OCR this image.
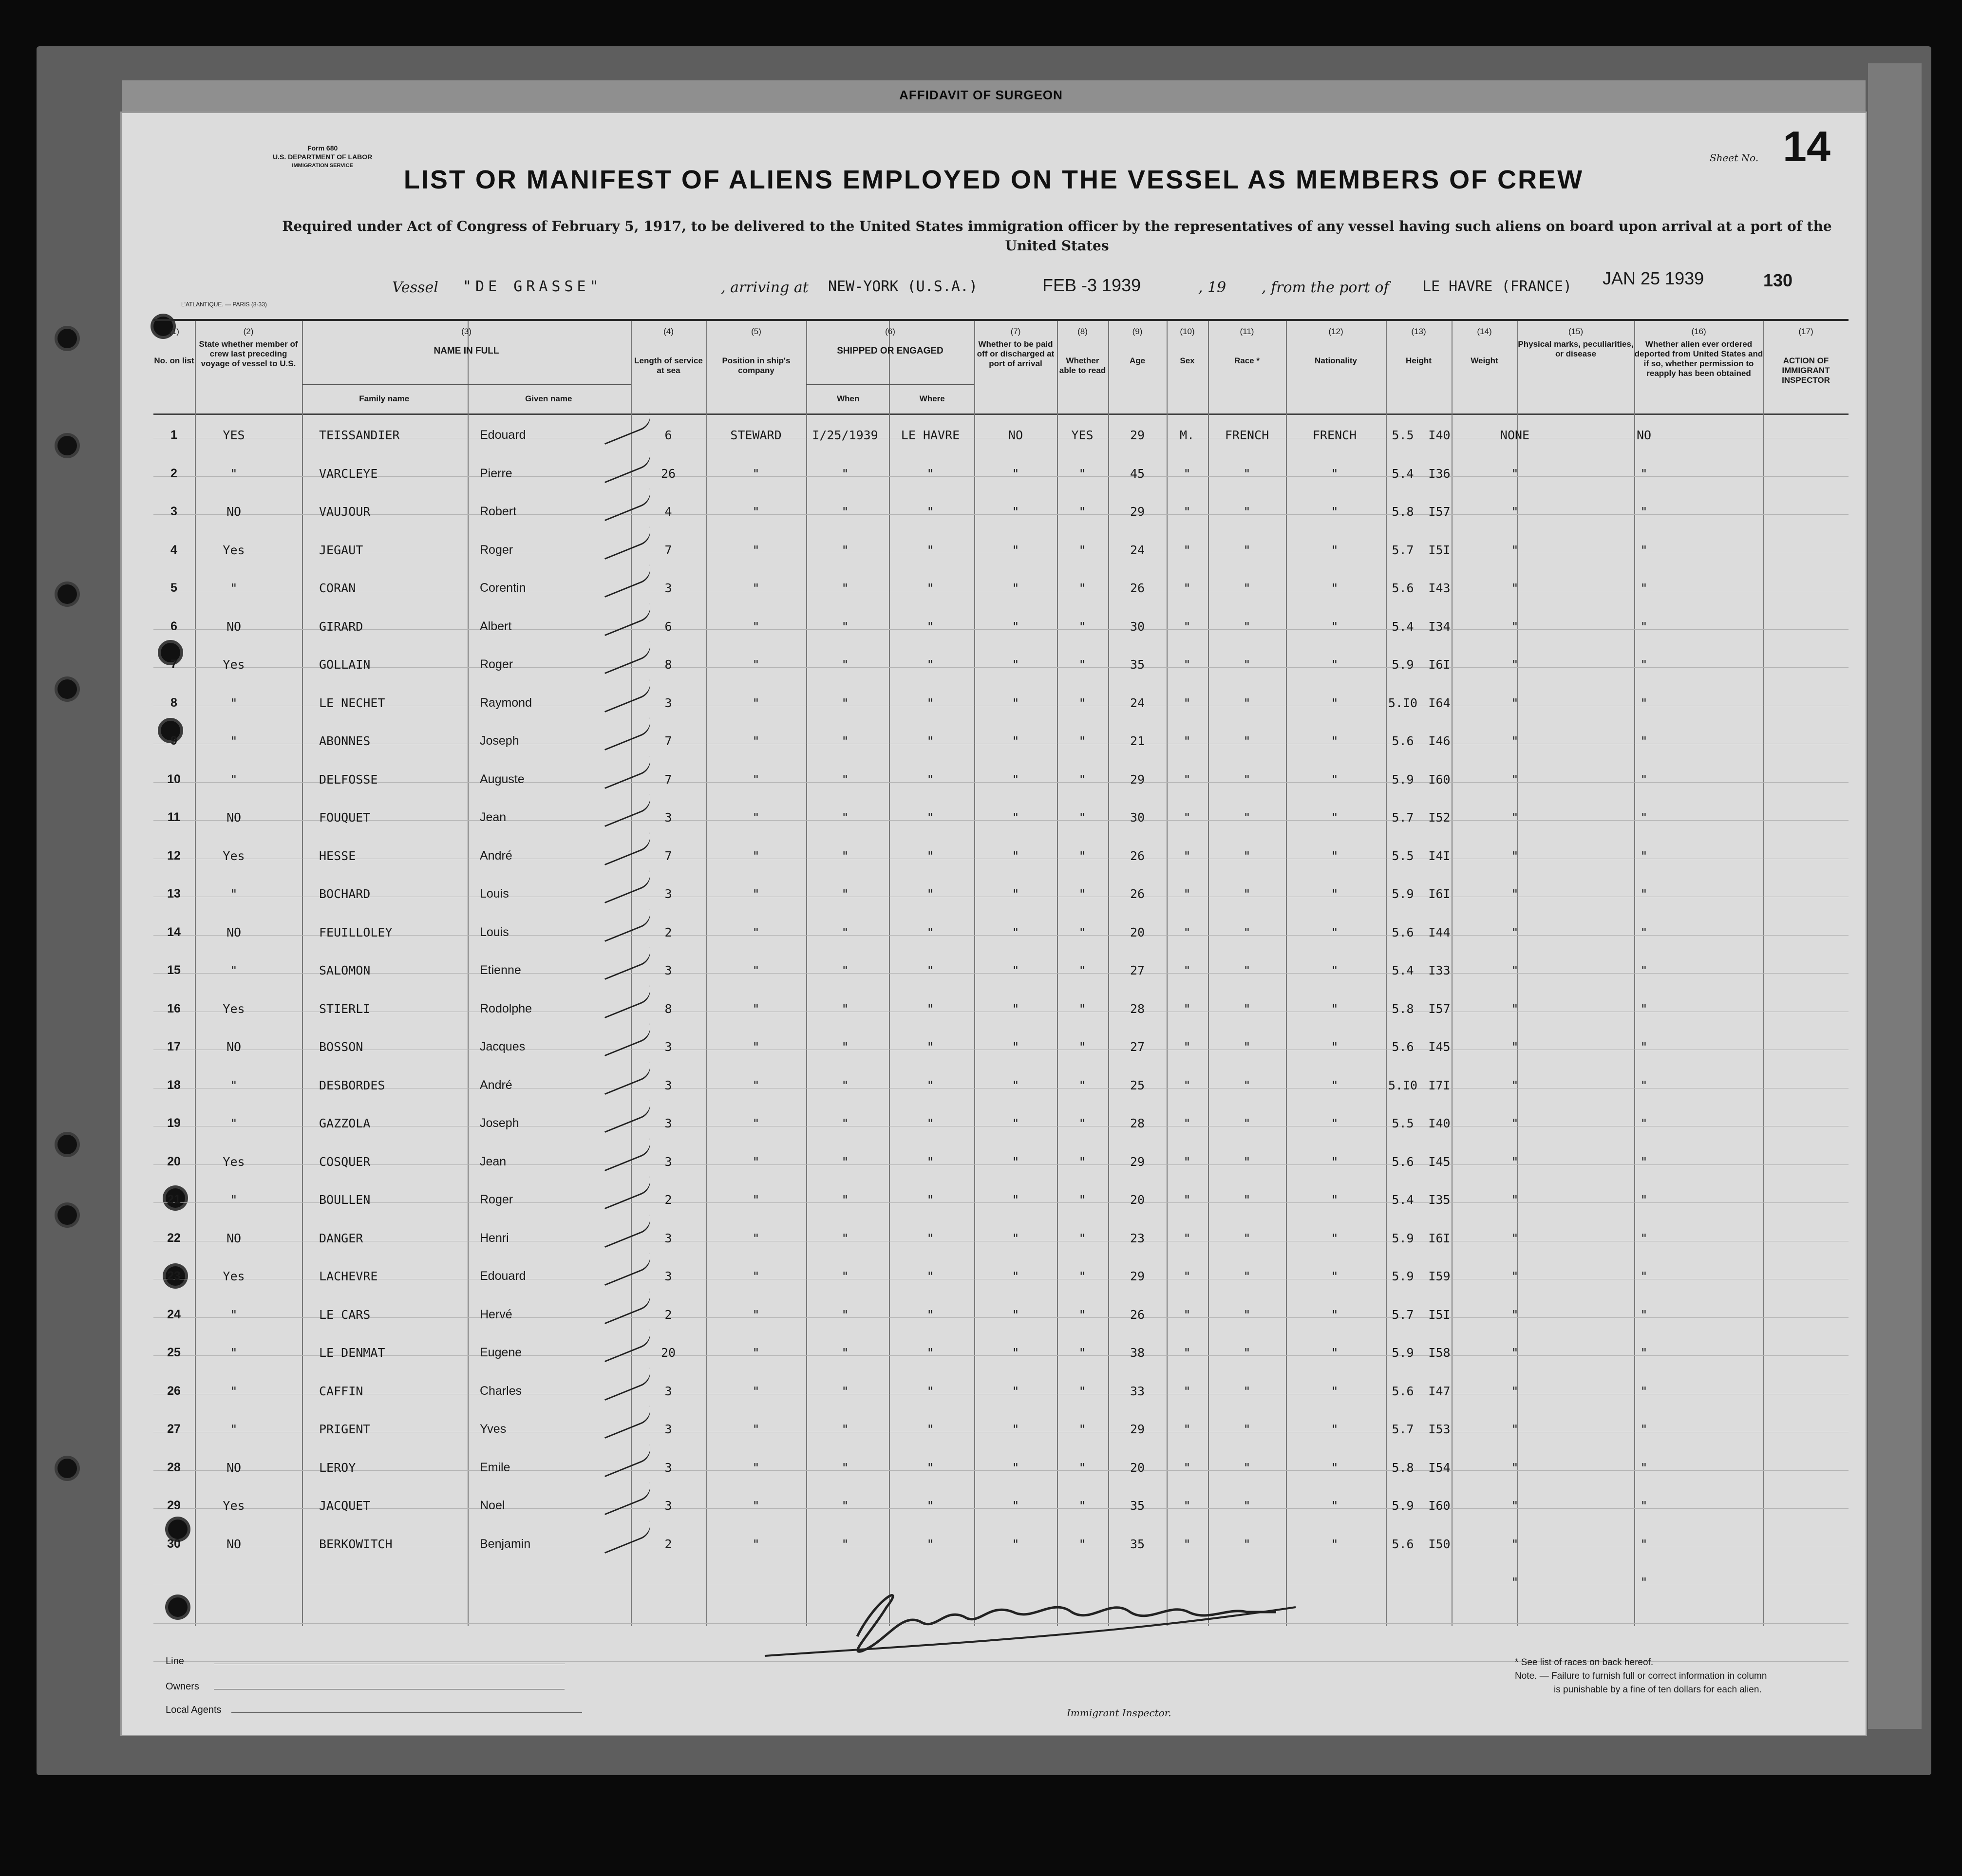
AFFIDAVIT OF SURGEON
Form 680
U.S. DEPARTMENT OF LABOR
IMMIGRATION SERVICE
Sheet No. 14
LIST OR MANIFEST OF ALIENS EMPLOYED ON THE VESSEL AS MEMBERS OF CREW
Required under Act of Congress of February 5, 1917, to be delivered to the United States immigration officer by the representatives of any vessel having such aliens on board upon arrival at a port of the United States
Vessel "DE GRASSE"	, arriving at NEW-YORK (U.S.A.)	FEB -3 1939	, 19 , from the port of LE HAVRE (FRANCE) JAN 25 1939	130
L'ATLANTIQUE. — PARIS (8-33)
(1)
No. on list
(2)
State whether member of crew last preceding voyage of vessel to U.S.
(3)
NAME IN FULL
Family name	Given name
(4)
Length of service at sea
(5)
Position in ship's company
(6)
SHIPPED OR ENGAGED
When	Where
(7)
Whether to be paid off or discharged at port of arrival
(8)
Whether able to read
(9)
Age
(10)
Sex
(11)
Race *
(12)
Nationality
(13)
Height
(14)
Weight
(15)
Physical marks, peculiarities, or disease
(16)
Whether alien ever ordered deported from United States and if so, whether permission to reapply has been obtained
(17)
ACTION OF IMMIGRANT INSPECTOR
1	YES	TEISSANDIER	Edouard	6	STEWARD	I/25/1939 LE HAVRE	NO	YES	29	M.	FRENCH	FRENCH	5.5 I40	NONE	NO
2	"	VARCLEYE	Pierre	26	"	"	"	"	"	45	"	"	"	5.4 I36	"	"
3	NO	VAUJOUR	Robert	4	"	"	"	"	"	29	"	"	"	5.8 I57	"	"
4	Yes	JEGAUT	Roger	7	"	"	"	"	"	24	"	"	"	5.7 I5I	"	"
5	"	CORAN	Corentin	3	"	"	"	"	"	26	"	"	"	5.6 I43	"	"
6	NO	GIRARD	Albert	6	"	"	"	"	"	30	"	"	"	5.4 I34	"	"
7	Yes	GOLLAIN	Roger	8	"	"	"	"	"	35	"	"	"	5.9 I6I	"	"
8	"	LE NECHET	Raymond	3	"	"	"	"	"	24	"	"	"	5.I0 I64	"	"
9	"	ABONNES	Joseph	7	"	"	"	"	"	21	"	"	"	5.6 I46	"	"
10	"	DELFOSSE	Auguste	7	"	"	"	"	"	29	"	"	"	5.9 I60	"	"
11	NO	FOUQUET	Jean	3	"	"	"	"	"	30	"	"	"	5.7 I52	"	"
12	Yes	HESSE	André	7	"	"	"	"	"	26	"	"	"	5.5 I4I	"	"
13	"	BOCHARD	Louis	3	"	"	"	"	"	26	"	"	"	5.9 I6I	"	"
14	NO	FEUILLOLEY	Louis	2	"	"	"	"	"	20	"	"	"	5.6 I44	"	"
15	"	SALOMON	Etienne	3	"	"	"	"	"	27	"	"	"	5.4 I33	"	"
16	Yes	STIERLI	Rodolphe	8	"	"	"	"	"	28	"	"	"	5.8 I57	"	"
17	NO	BOSSON	Jacques	3	"	"	"	"	"	27	"	"	"	5.6 I45	"	"
18	"	DESBORDES	André	3	"	"	"	"	"	25	"	"	"	5.I0 I7I	"	"
19	"	GAZZOLA	Joseph	3	"	"	"	"	"	28	"	"	"	5.5 I40	"	"
20	Yes	COSQUER	Jean	3	"	"	"	"	"	29	"	"	"	5.6 I45	"	"
21	"	BOULLEN	Roger	2	"	"	"	"	"	20	"	"	"	5.4 I35	"	"
22	NO	DANGER	Henri	3	"	"	"	"	"	23	"	"	"	5.9 I6I	"	"
23	Yes	LACHEVRE	Edouard	3	"	"	"	"	"	29	"	"	"	5.9 I59	"	"
24	"	LE CARS	Hervé	2	"	"	"	"	"	26	"	"	"	5.7 I5I	"	"
25	"	LE DENMAT	Eugene	20	"	"	"	"	"	38	"	"	"	5.9 I58	"	"
26	"	CAFFIN	Charles	3	"	"	"	"	"	33	"	"	"	5.6 I47	"	"
27	"	PRIGENT	Yves	3	"	"	"	"	"	29	"	"	"	5.7 I53	"	"
28	NO	LEROY	Emile	3	"	"	"	"	"	20	"	"	"	5.8 I54	"	"
29	Yes	JACQUET	Noel	3	"	"	"	"	"	35	"	"	"	5.9 I60	"	"
30	NO	BERKOWITCH	Benjamin	2	"	"	"	"	"	35	"	"	"	5.6 I50	"	"
"	"
Line
Owners
Local Agents	Immigrant Inspector.
* See list of races on back hereof.
Note. — Failure to furnish full or correct information in column
is punishable by a fine of ten dollars for each alien.
